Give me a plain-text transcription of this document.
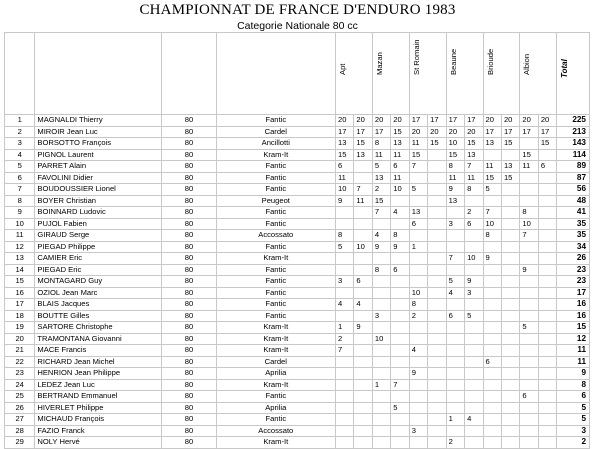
CHAMPIONNAT DE FRANCE D'ENDURO 1983
Categorie Nationale 80 cc
				Apt		Mazan		St Romain		Beaune		Brioude		Albion		Total
1	MAGNALDI Thierry	80	Fantic	20	20	20	20	17	17	17	17	20	20	20	20	225
2	MIROIR Jean Luc	80	Cardel	17	17	17	15	20	20	20	20	17	17	17	17	213
3	BORSOTTO François	80	Ancillotti	13	15	8	13	11	15	10	15	13	15		15	143
4	PIGNOL Laurent	80	Kram-It	15	13	11	11	15		15	13			15		114
5	PARRET Alain	80	Fantic	6		5	6	7		8	7	11	13	11	6	89
6	FAVOLINI Didier	80	Fantic	11		13	11			11	11	15	15			87
7	BOUDOUSSIER Lionel	80	Fantic	10	7	2	10	5		9	8	5				56
8	BOYER Christian	80	Peugeot	9	11	15				13						48
9	BOINNARD Ludovic	80	Fantic			7	4	13			2	7		8		41
10	PUJOL Fabien	80	Fantic					6		3	6	10		10		35
11	GIRAUD Serge	80	Accossato	8		4	8					8		7		35
12	PIEGAD Philippe	80	Fantic	5	10	9	9	1								34
13	CAMIER Eric	80	Kram-It							7	10	9				26
14	PIEGAD Eric	80	Fantic			8	6							9		23
15	MONTAGARD Guy	80	Fantic	3	6					5	9					23
16	OZIOL Jean Marc	80	Fantic					10		4	3					17
17	BLAIS Jacques	80	Fantic	4	4			8								16
18	BOUTTE Gilles	80	Fantic			3		2		6	5					16
19	SARTORE Christophe	80	Kram-It	1	9									5		15
20	TRAMONTANA Giovanni	80	Kram-It	2		10										12
21	MACE Francis	80	Kram-It	7				4								11
22	RICHARD Jean Michel	80	Cardel									6				11
23	HENRION Jean Philippe	80	Aprilia					9								9
24	LEDEZ Jean Luc	80	Kram-It			1	7									8
25	BERTRAND Emmanuel	80	Fantic											6		6
26	HIVERLET Philippe	80	Aprilia				5									5
27	MICHAUD François	80	Fantic							1	4					5
28	FAZIO Franck	80	Accossato					3								3
29	NOLY Hervé	80	Kram-It							2						2
